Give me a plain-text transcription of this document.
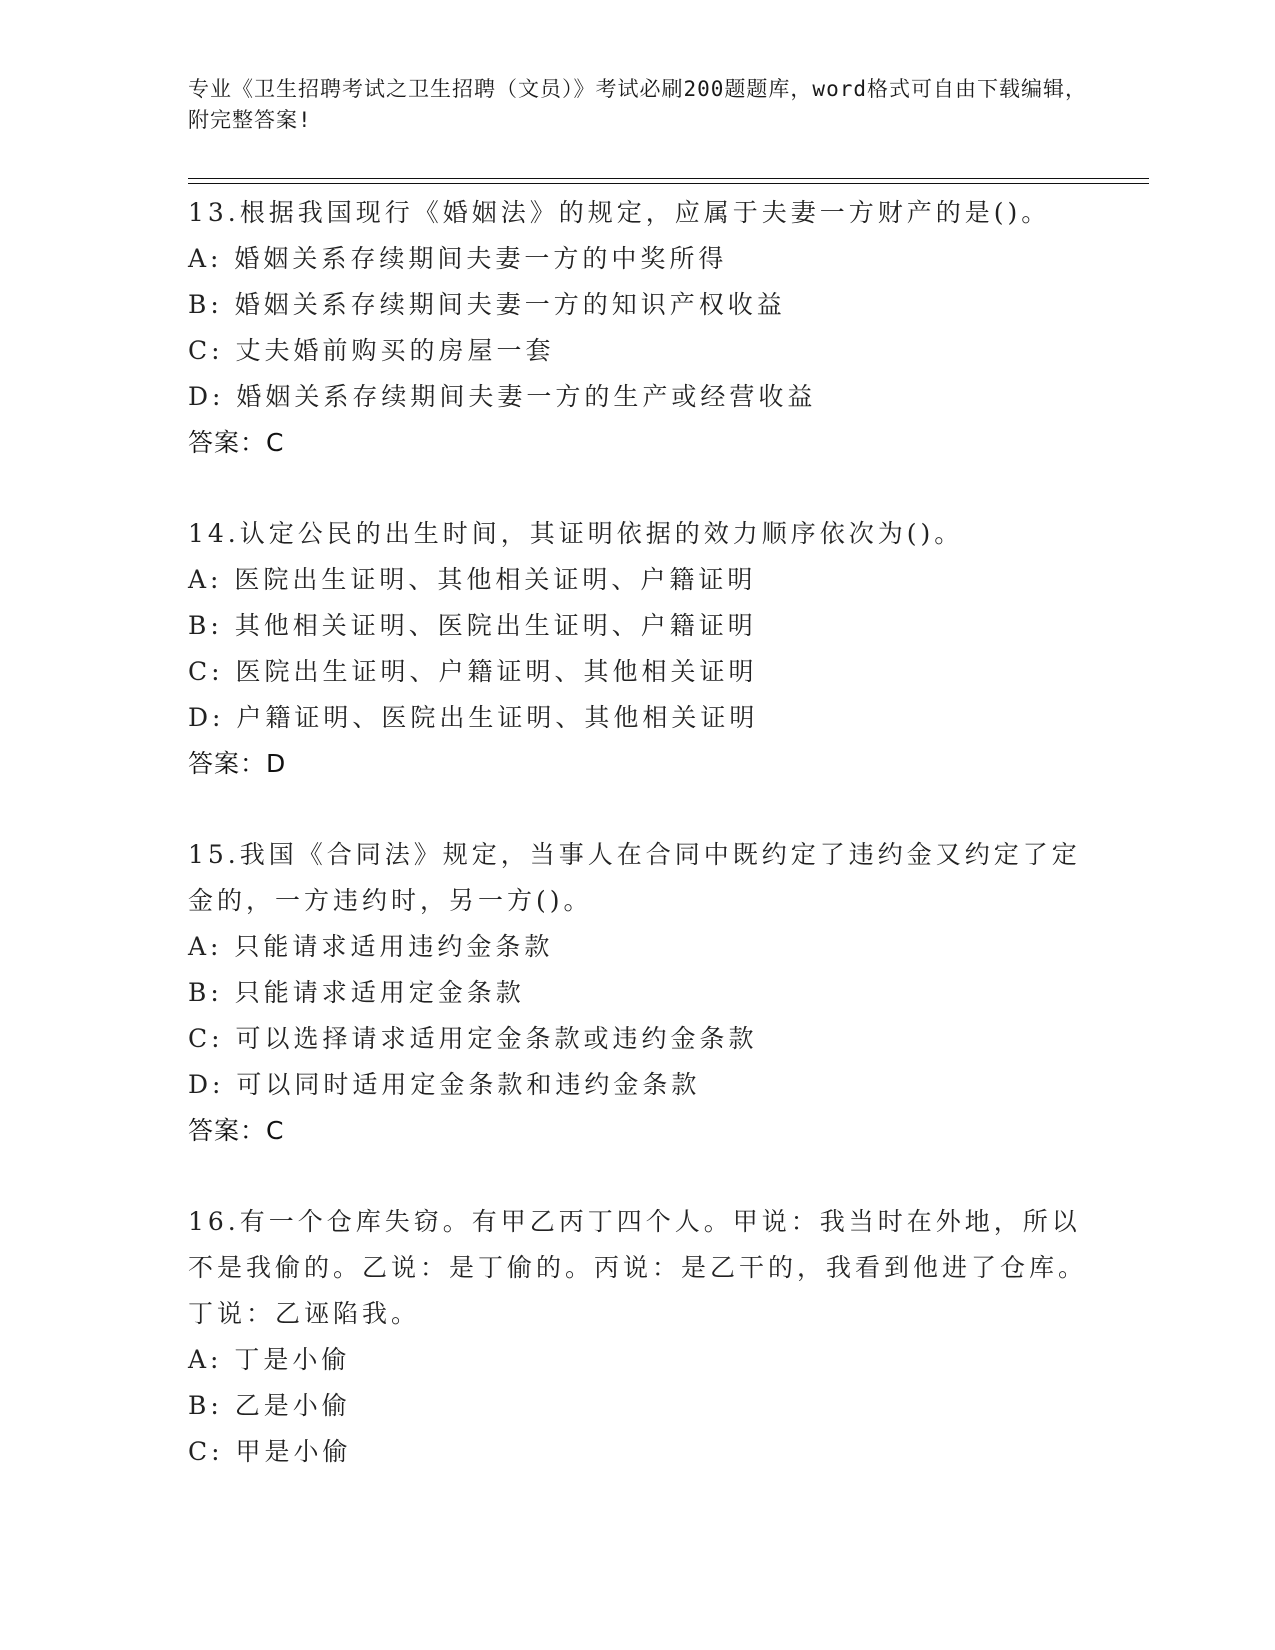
专业《卫生招聘考试之卫生招聘（文员）》考试必刷200题题库，word格式可自由下载编辑，附完整答案!

13.根据我国现行《婚姻法》的规定，应属于夫妻一方财产的是()。

A: 婚姻关系存续期间夫妻一方的中奖所得

B: 婚姻关系存续期间夫妻一方的知识产权收益

C: 丈夫婚前购买的房屋一套

D: 婚姻关系存续期间夫妻一方的生产或经营收益

答案：C

14.认定公民的出生时间，其证明依据的效力顺序依次为()。

A: 医院出生证明、其他相关证明、户籍证明

B: 其他相关证明、医院出生证明、户籍证明

C: 医院出生证明、户籍证明、其他相关证明

D: 户籍证明、医院出生证明、其他相关证明

答案：D

15.我国《合同法》规定，当事人在合同中既约定了违约金又约定了定金的，一方违约时，另一方()。

A: 只能请求适用违约金条款

B: 只能请求适用定金条款

C: 可以选择请求适用定金条款或违约金条款

D: 可以同时适用定金条款和违约金条款

答案：C

16.有一个仓库失窃。有甲乙丙丁四个人。甲说：我当时在外地，所以不是我偷的。乙说：是丁偷的。丙说：是乙干的，我看到他进了仓库。丁说：乙诬陷我。

A: 丁是小偷

B: 乙是小偷

C: 甲是小偷
